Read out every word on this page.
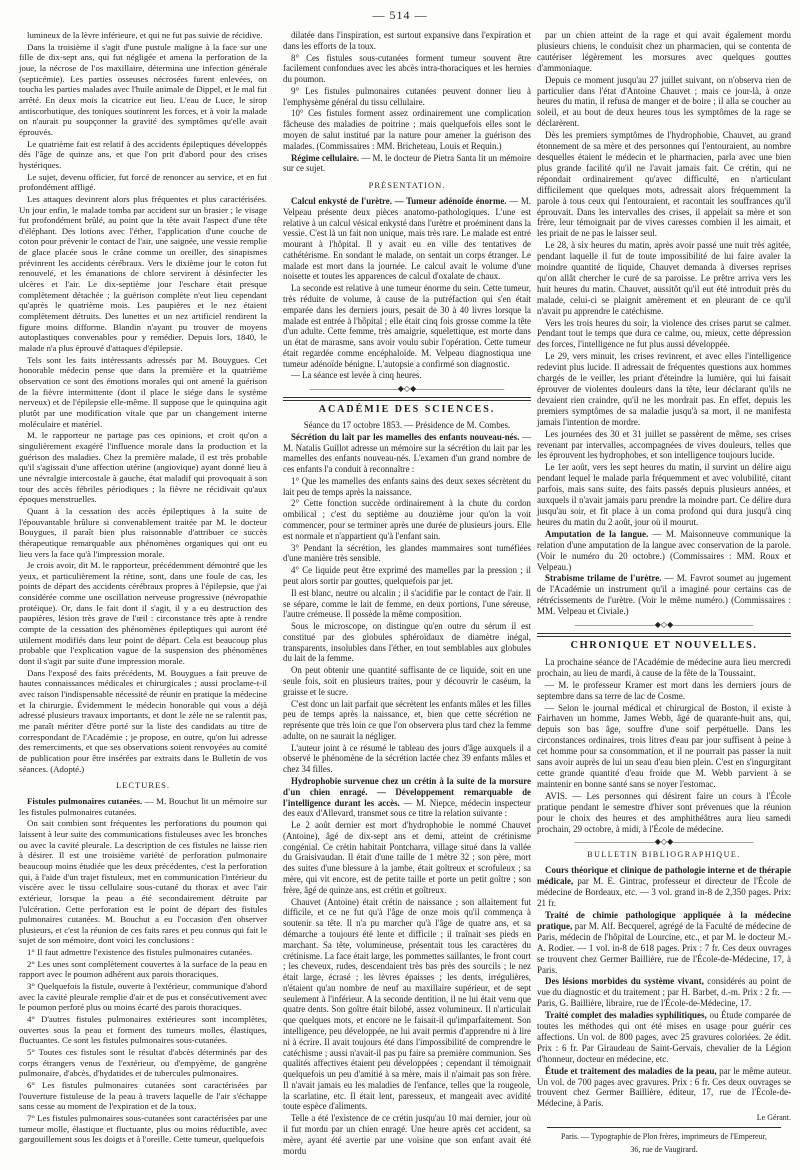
— 514 —

lumineux de la lèvre inférieure, et qui ne fut pas suivie de récidive.

Dans la troisième il s'agit d'une pustule maligne à la face sur une fille de dix-sept ans, qui fut négligée et amena la perforation de la joue, la nécrose de l'os maxillaire, détermina une infection générale (septicémie). Les parties osseuses nécrosées furent enlevées, on toucha les parties malades avec l'huile animale de Dippel, et le mal fut arrêté. En deux mois la cicatrice eut lieu. L'eau de Luce, le sirop antiscorbutique, des toniques soutinrent les forces, et à voir la malade on n'aurait pu soupçonner la gravité des symptômes qu'elle avait éprouvés.

Le quatrième fait est relatif à des accidents épileptiques développés dès l'âge de quinze ans, et que l'on prit d'abord pour des crises hystériques.

Le sujet, devenu officier, fut forcé de renoncer au service, et en fut profondément affligé.

Les attaques devinrent alors plus fréquentes et plus caractérisées. Un jour enfin, le malade tomba par accident sur un brasier ; le visage fut profondément brûlé, au point que la tête avait l'aspect d'une tête d'éléphant. Des lotions avec l'éther, l'application d'une couche de coton pour prévenir le contact de l'air, une saignée, une vessie remplie de glace placée sous le crâne comme un oreiller, des sinapismes prévinrent les accidents cérébraux. Vers le dixième jour le coton fut renouvelé, et les émanations de chlore servirent à désinfecter les ulcères et l'air. Le dix-septième jour l'eschare était presque complètement détachée ; la guérison complète n'eut lieu cependant qu'après le quatrième mois. Les paupières et le nez étaient complètement détruits. Des lunettes et un nez artificiel rendirent la figure moins difforme. Blandin n'ayant pu trouver de moyens autoplastiques convenables pour y remédier. Depuis lors, 1840, le malade n'a plus éprouvé d'attaques d'épilepsie.

Tels sont les faits intéressants adressés par M. Bouygues. Cet honorable médecin pense que dans la première et la quatrième observation ce sont des émotions morales qui ont amené la guérison de la fièvre intermittente (dont il place le siége dans le système nerveux) et de l'épilepsie elle-même. Il suppose que le quinquina agit plutôt par une modification vitale que par un changement interne moléculaire et matériel.

M. le rapporteur ne partage pas ces opinions, et croit qu'on a singulièrement exagéré l'influence morale dans la production et la guérison des maladies. Chez la première malade, il est très probable qu'il s'agissait d'une affection utérine (angiovique) ayant donné lieu à une névralgie intercostale à gauche, état maladif qui provoquait à son tour des accès fébriles périodiques ; la fièvre ne récidivait qu'aux époques menstruelles.

Quant à la cessation des accès épileptiques à la suite de l'épouvantable brûlure si convenablement traitée par M. le docteur Bouygues, il paraît bien plus raisonnable d'attribuer ce succès thérapeutique remarquable aux phénomènes organiques qui ont eu lieu vers la face qu'à l'impression morale.

Je crois avoir, dit M. le rapporteur, précédemment démontré que les yeux, et particulièrement la rétine, sont, dans une foule de cas, les points de départ des accidents cérébraux propres à l'épilepsie, que j'ai considérée comme une oscillation nerveuse progressive (névropathie protéique). Or, dans le fait dont il s'agit, il y a eu destruction des paupières, lésion très grave de l'œil : circonstance très apte à rendre compte de la cessation des phénomènes épileptiques qui auront été utilement modifiés dans leur point de départ. Cela est beaucoup plus probable que l'explication vague de la suspension des phénomènes dont il s'agit par suite d'une impression morale.

Dans l'exposé des faits précédents, M. Bouygues a fait preuve de hautes connaissances médicales et chirurgicales ; aussi proclame-t-il avec raison l'indispensable nécessité de réunir en pratique la médecine et la chirurgie. Évidemment le médecin honorable qui vous a déjà adressé plusieurs travaux importants, et dont le zèle ne se ralentit pas, me paraît mériter d'être porté sur la liste des candidats au titre de correspondant de l'Académie ; je propose, en outre, qu'on lui adresse des remerciments, et que ses observations soient renvoyées au comité de publication pour être insérées par extraits dans le Bulletin de vos séances. (Adopté.)

LECTURES.

Fistules pulmonaires cutanées. — M. Bouchut lit un mémoire sur les fistules pulmonaires cutanées.

On sait combien sont fréquentes les perforations du poumon qui laissent à leur suite des communications fistuleuses avec les bronches ou avec la cavité pleurale. La description de ces fistules ne laisse rien à désirer. Il est une troisième variété de perforation pulmonaire beaucoup moins étudiée que les deux précédentes, c'est la perforation qui, à l'aide d'un trajet fistuleux, met en communication l'intérieur du viscère avec le tissu cellulaire sous-cutané du thorax et avec l'air extérieur, lorsque la peau a été secondairement détruite par l'ulcération. Cette perforation est le point de départ des fistules pulmonaires cutanées. M. Bouchut a eu l'occasion d'en observer plusieurs, et c'est la réunion de ces faits rares et peu connus qui fait le sujet de son mémoire, dont voici les conclusions :

1° Il faut admettre l'existence des fistules pulmonaires cutanées.

2° Les unes sont complètement couvertes à la surface de la peau en rapport avec le poumon adhérent aux parois thoraciques.

3° Quelquefois la fistule, ouverte à l'extérieur, communique d'abord avec la cavité pleurale remplie d'air et de pus et consécutivement avec le poumon perforé plus ou moins écarté des parois thoraciques.

4° D'autres fistules pulmonaires extérieures sont incomplètes, ouvertes sous la peau et forment des tumeurs molles, élastiques, fluctuantes. Ce sont les fistules pulmonaires sous-cutanées.

5° Toutes ces fistules sont le résultat d'abcès déterminés par des corps étrangers venus de l'extérieur, ou d'empyème, de gangrène pulmonaire, d'abcès, d'hydatides et de tubercules pulmonaires.

6° Les fistules pulmonaires cutanées sont caractérisées par l'ouverture fistuleuse de la peau à travers laquelle de l'air s'échappe sans cesse au moment de l'expiration et de la toux.

7° Les fistules pulmonaires sous-cutanées sont caractérisées par une tumeur molle, élastique et fluctuante, plus ou moins réductible, avec gargouillement sous les doigts et à l'oreille. Cette tumeur, quelquefois

dilatée dans l'inspiration, est surtout expansive dans l'expiration et dans les efforts de la toux.

8° Ces fistules sous-cutanées forment tumeur souvent être facilement confondues avec les abcès intra-thoraciques et les hernies du poumon.

9° Les fistules pulmonaires cutanées peuvent donner lieu à l'emphysème général du tissu cellulaire.

10° Ces fistules forment assez ordinairement une complication fâcheuse des maladies de poitrine ; mais quelquefois elles sont le moyen de salut institué par la nature pour amener la guérison des malades. (Commissaires : MM. Bricheteau, Louis et Requin.)

Régime cellulaire. — M. le docteur de Pietra Santa lit un mémoire sur ce sujet.

PRÉSENTATION.

Calcul enkysté de l'urètre. — Tumeur adénoïde énorme. — M. Velpeau présente deux pièces anatomo-pathologiques. L'une est relative à un calcul vésical enkysté dans l'urètre et proéminent dans la vessie. C'est là un fait non unique, mais très rare. Le malade est entré mourant à l'hôpital. Il y avait eu en ville des tentatives de cathétérisme. En sondant le malade, on sentait un corps étranger. Le malade est mort dans la journée. Le calcul avait le volume d'une noisette et toutes les apparences de calcul d'oxalate de chaux.

La seconde est relative à une tumeur énorme du sein. Cette tumeur, très réduite de volume, à cause de la putréfaction qui s'en était emparée dans les derniers jours, pesait de 30 à 40 livres lorsque la malade est entrée à l'hôpital ; elle était cinq fois grosse comme la tête d'un adulte. Cette femme, très amaigrie, squelettique, est morte dans un état de marasme, sans avoir voulu subir l'opération. Cette tumeur était regardée comme encéphaloïde. M. Velpeau diagnostiqua une tumeur adénoïde bénigne. L'autopsie a confirmé son diagnostic.

— La séance est levée à cinq heures.

―――――――――――◆◇◆―――――――――――
ACADÉMIE DES SCIENCES.

Séance du 17 octobre 1853. — Présidence de M. Combes.

Sécrétion du lait par les mamelles des enfants nouveau-nés. — M. Natalis Guillot adresse un mémoire sur la sécrétion du lait par les mamelles des enfants nouveau-nés. L'examen d'un grand nombre de ces enfants l'a conduit à reconnaître :

1° Que les mamelles des enfants sains des deux sexes sécrètent du lait peu de temps après la naissance.

2° Cette fonction succède ordinairement à la chute du cordon ombilical ; c'est du septième au douzième jour qu'on la voit commencer, pour se terminer après une durée de plusieurs jours. Elle est normale et n'appartient qu'à l'enfant sain.

3° Pendant la sécrétion, les glandes mammaires sont tuméfiées d'une manière très sensible.

4° Ce liquide peut être exprimé des mamelles par la pression ; il peut alors sortir par gouttes, quelquefois par jet.

Il est blanc, neutre ou alcalin ; il s'acidifie par le contact de l'air. Il se sépare, comme le lait de femme, en deux portions, l'une séreuse, l'autre crémeuse. Il possède la même composition.

Sous le microscope, on distingue qu'en outre du sérum il est constitué par des globules sphéroïdaux de diamètre inégal, transparents, insolubles dans l'éther, en tout semblables aux globules du lait de la femme.

On peut obtenir une quantité suffisante de ce liquide, soit en une seule fois, soit en plusieurs traites, pour y découvrir le caséum, la graisse et le sucre.

C'est donc un lait parfait que sécrètent les enfants mâles et les filles peu de temps après la naissance, et, bien que cette sécrétion ne représente que très loin ce que l'on observera plus tard chez la femme adulte, on ne saurait la négliger.

L'auteur joint à ce résumé le tableau des jours d'âge auxquels il a observé le phénomène de la sécrétion lactée chez 39 enfants mâles et chez 34 filles.

Hydrophobie survenue chez un crétin à la suite de la morsure d'un chien enragé. — Développement remarquable de l'intelligence durant les accès. — M. Niepce, médecin inspecteur des eaux d'Allevard, transmet sous ce titre la relation suivante :

Le 2 août dernier est mort d'hydrophobie le nommé Chauvet (Antoine), âgé de dix-sept ans et demi, atteint de crétinisme congénial. Ce crétin habitait Pontcharra, village situé dans la vallée du Graisivaudan. Il était d'une taille de 1 mètre 32 ; son père, mort des suites d'une blessure à la jambe, était goîtreux et scrofuleux ; sa mère, qui vit encore, est de petite taille et porte un petit goître ; son frère, âgé de quinze ans, est crétin et goîtreux.

Chauvet (Antoine) était crétin de naissance ; son allaitement fut difficile, et ce ne fut qu'à l'âge de onze mois qu'il commença à soutenir sa tête. Il n'a pu marcher qu'à l'âge de quatre ans, et sa démarche a toujours été lente et difficile ; il traînait ses pieds en marchant. Sa tête, volumineuse, présentait tous les caractères du crétinisme. La face était large, les pommettes saillantes, le front court ; les cheveux, rudes, descendaient très bas près des sourcils ; le nez était large, écrasé ; les lèvres épaisses ; les dents, irrégulières, n'étaient qu'au nombre de neuf au maxillaire supérieur, et de sept seulement à l'inférieur. A la seconde dentition, il ne lui était venu que quatre dents. Son goître était bilobé, assez volumineux. Il n'articulait que quelques mots, et encore ne le faisait-il qu'imparfaitement. Son intelligence, peu développée, ne lui avait permis d'apprendre ni à lire ni à écrire. Il avait toujours été dans l'impossibilité de comprendre le catéchisme ; aussi n'avait-il pas pu faire sa première communion. Ses qualités affectives étaient peu développées ; cependant il témoignait quelquefois un peu d'amitié à sa mère, mais il n'aimait pas son frère. Il n'avait jamais eu les maladies de l'enfance, telles que la rougeole, la scarlatine, etc. Il était lent, paresseux, et mangeait avec avidité toute espèce d'aliments.

Telle a été l'existence de ce crétin jusqu'au 10 mai dernier, jour où il fut mordu par un chien enragé. Une heure après cet accident, sa mère, ayant été avertie par une voisine que son enfant avait été mordu

par un chien atteint de la rage et qui avait également mordu plusieurs chiens, le conduisit chez un pharmacien, qui se contenta de cautériser légèrement les morsures avec quelques gouttes d'ammoniaque.

Depuis ce moment jusqu'au 27 juillet suivant, on n'observa rien de particulier dans l'état d'Antoine Chauvet ; mais ce jour-là, à onze heures du matin, il refusa de manger et de boire ; il alla se coucher au soleil, et au bout de deux heures tous les symptômes de la rage se déclarèrent.

Dès les premiers symptômes de l'hydrophobie, Chauvet, au grand étonnement de sa mère et des personnes qui l'entouraient, au nombre desquelles étaient le médecin et le pharmacien, parla avec une bien plus grande facilité qu'il ne l'avait jamais fait. Ce crétin, qui ne répondait ordinairement qu'avec difficulté, en n'articulant difficilement que quelques mots, adressait alors fréquemment la parole à tous ceux qui l'entouraient, et racontait les souffrances qu'il éprouvait. Dans les intervalles des crises, il appelait sa mère et son frère, leur témoignait par de vives caresses combien il les aimait, et les priait de ne pas le laisser seul.

Le 28, à six heures du matin, après avoir passé une nuit très agitée, pendant laquelle il fut de toute impossibilité de lui faire avaler la moindre quantité de liquide, Chauvet demanda à diverses reprises qu'on allât chercher le curé de sa paroisse. Le prêtre arriva vers les huit heures du matin. Chauvet, aussitôt qu'il eut été introduit près du malade, celui-ci se plaignit amèrement et en pleurant de ce qu'il n'avait pu apprendre le catéchisme.

Vers les trois heures du soir, la violence des crises parut se calmer. Pendant tout le temps que dura ce calme, ou, mieux, cette dépression des forces, l'intelligence ne fut plus aussi développée.

Le 29, vers minuit, les crises revinrent, et avec elles l'intelligence redevint plus lucide. Il adressait de fréquentes questions aux hommes chargés de le veiller, les priant d'éteindre la lumière, qui lui faisait éprouver de violentes douleurs dans la tête, leur déclarant qu'ils ne devaient rien craindre, qu'il ne les mordrait pas. En effet, depuis les premiers symptômes de sa maladie jusqu'à sa mort, il ne manifesta jamais l'intention de mordre.

Les journées des 30 et 31 juillet se passèrent de même, ses crises revenant par intervalles, accompagnées de vives douleurs, telles que les éprouvent les hydrophobes, et son intelligence toujours lucide.

Le 1er août, vers les sept heures du matin, il survint un délire aigu pendant lequel le malade parla fréquemment et avec volubilité, citant parfois, mais sans suite, des faits passés depuis plusieurs années, et auxquels il n'avait jamais paru prendre la moindre part. Ce délire dura jusqu'au soir, et fit place à un coma profond qui dura jusqu'à cinq heures du matin du 2 août, jour où il mourut.

Amputation de la langue. — M. Maisonneuve communique la relation d'une amputation de la langue avec conservation de la parole. (Voir le numéro du 20 octobre.) (Commissaires : MM. Roux et Velpeau.)

Strabisme trilame de l'urètre. — M. Favrot soumet au jugement de l'Académie un instrument qu'il a imaginé pour certains cas de rétrécissements de l'urètre. (Voir le même numéro.) (Commissaires : MM. Velpeau et Civiale.)

――――――――――◆◇◆――――――――――
CHRONIQUE ET NOUVELLES.

La prochaine séance de l'Académie de médecine aura lieu mercredi prochain, au lieu de mardi, à cause de la fête de la Toussaint.

— M. le professeur Kramer est mort dans les derniers jours de septembre dans sa terre de lac de Cosme.

— Selon le journal médical et chirurgical de Boston, il existe à Fairhaven un homme, James Webb, âgé de quarante-huit ans, qui, depuis son bas âge, souffre d'une soif perpétuelle. Dans les circonstances ordinaires, trois litres d'eau par jour suffisent à peine à cet homme pour sa consommation, et il ne pourrait pas passer la nuit sans avoir auprès de lui un seau d'eau bien plein. C'est en s'ingurgitant cette grande quantité d'eau froide que M. Webb parvient à se maintenir en bonne santé sans se noyer l'estomac.

AVIS. — Les personnes qui désirent faire un cours à l'École pratique pendant le semestre d'hiver sont prévenues que la réunion pour le choix des heures et des amphithéâtres aura lieu samedi prochain, 29 octobre, à midi, à l'École de médecine.

――――――――――◆◇◆――――――――――
BULLETIN BIBLIOGRAPHIQUE.

Cours théorique et clinique de pathologie interne et de thérapie médicale, par M. E. Gintrac, professeur et directeur de l'École de médecine de Bordeaux, etc. — 3 vol. grand in-8 de 2,350 pages. Prix: 21 fr.

Traité de chimie pathologique appliquée à la médecine pratique, par M. Alf. Becquerel, agrégé de la Faculté de médecine de Paris, médecin de l'hôpital de Lourcine, etc., et par M. le docteur M.-A. Rodier. — 1 vol. in-8 de 618 pages. Prix : 7 fr. Ces deux ouvrages se trouvent chez Germer Baillière, rue de l'École-de-Médecine, 17, à Paris.

Des lésions morbides du système vivant, considérés au point de vue du diagnostic et du traitement ; par H. Barbet, d.-m. Prix : 2 fr. — Paris, G. Baillière, libraire, rue de l'École-de-Médecine, 17.

Traité complet des maladies syphilitiques, ou Étude comparée de toutes les méthodes qui ont été mises en usage pour guérir ces affections. Un vol. de 800 pages, avec 25 gravures coloriées. 2e édit. Prix : 6 fr. Par Giraudeau de Saint-Gervais, chevalier de la Légion d'honneur, docteur en médecine, etc.

Étude et traitement des maladies de la peau, par le même auteur. Un vol. de 700 pages avec gravures. Prix : 6 fr. Ces deux ouvrages se trouvent chez Germer Baillière, éditeur, 17, rue de l'École-de-Médecine, à Paris.

Le Gérant.
Paris. — Typographie de Plon frères, imprimeurs de l'Empereur,
36, rue de Vaugirard.
